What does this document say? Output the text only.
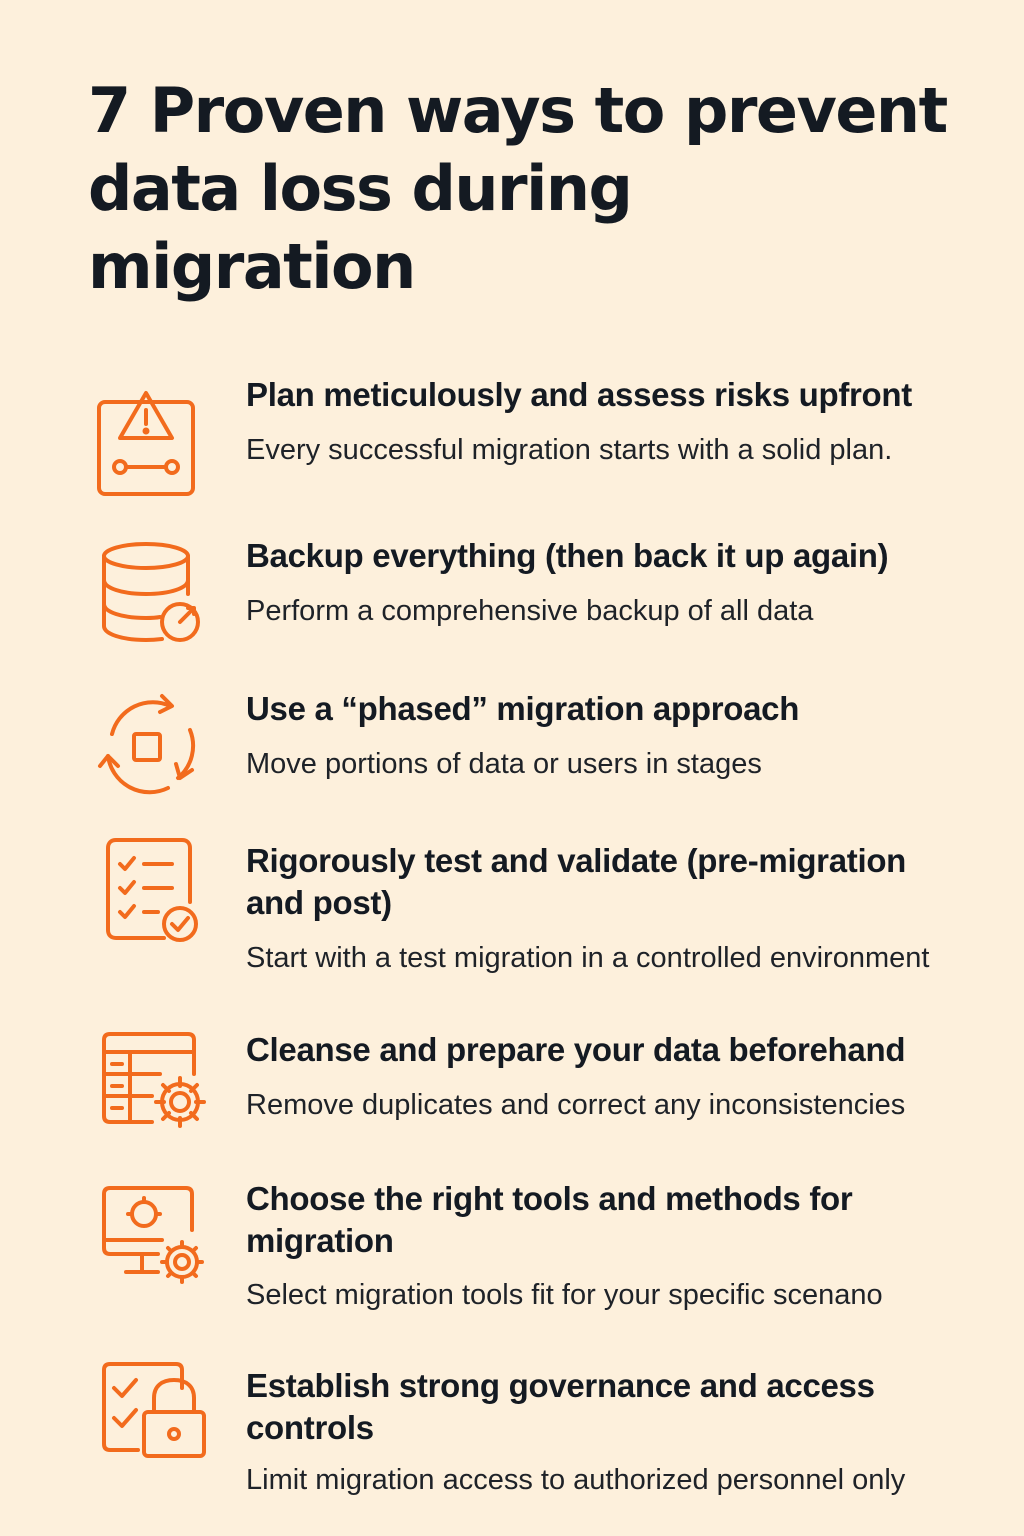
7 Proven ways to prevent data loss during migration
Plan meticulously and assess risks upfront

Every successful migration starts with a solid plan.

Backup everything (then back it up again)

Perform a comprehensive backup of all data

Use a “phased” migration approach

Move portions of data or users in stages

Rigorously test and validate (pre-migration and post)

Start with a test migration in a controlled environment

Cleanse and prepare your data beforehand

Remove duplicates and correct any inconsistencies

Choose the right tools and methods for migration

Select migration tools fit for your specific scenano

Establish strong governance and access controls

Limit migration access to authorized personnel only
